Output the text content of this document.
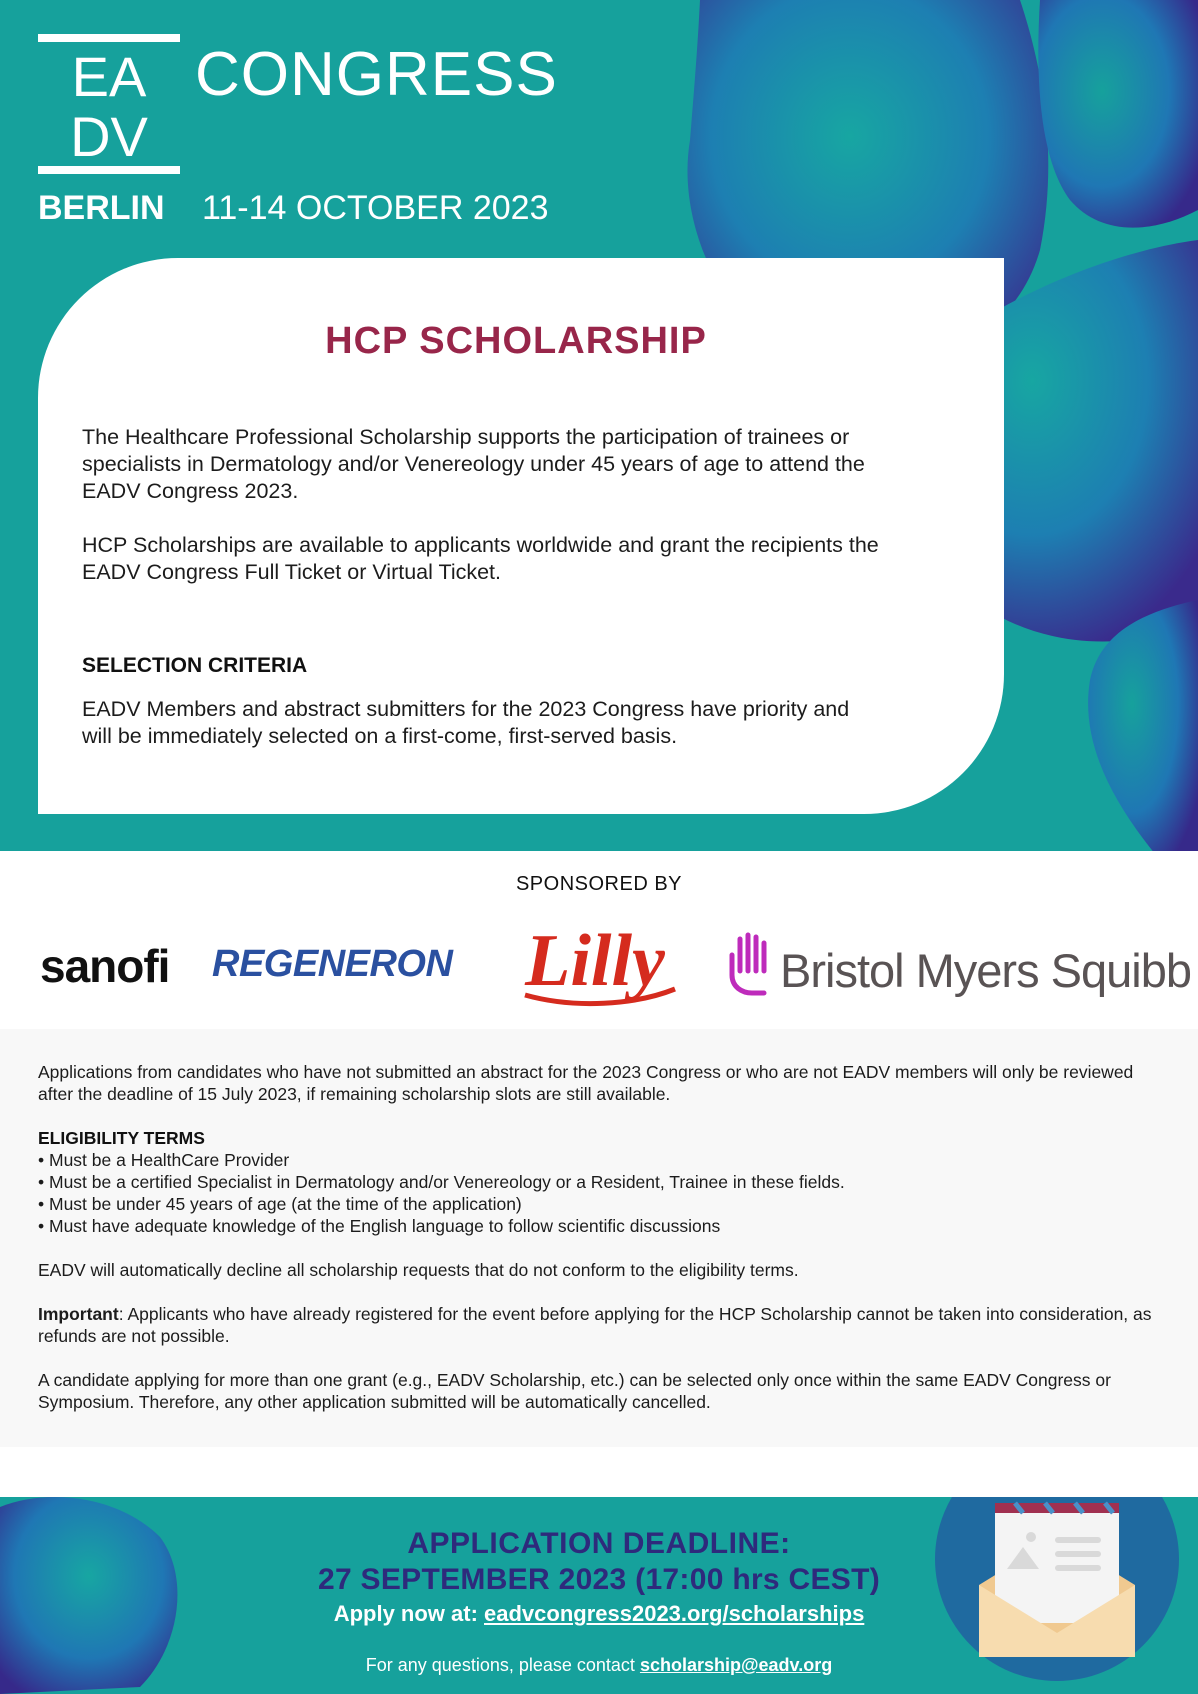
EA
DV
CONGRESS
BERLIN 11-14 OCTOBER 2023
HCP SCHOLARSHIP
The Healthcare Professional Scholarship supports the participation of trainees or specialists in Dermatology and/or Venereology under 45 years of age to attend the EADV Congress 2023.
HCP Scholarships are available to applicants worldwide and grant the recipients the EADV Congress Full Ticket or Virtual Ticket.
SELECTION CRITERIA
EADV Members and abstract submitters for the 2023 Congress have priority and will be immediately selected on a first-come, first-served basis.
SPONSORED BY
sanofi REGENERON Lilly Bristol Myers Squibb

Applications from candidates who have not submitted an abstract for the 2023 Congress or who are not EADV members will only be reviewed after the deadline of 15 July 2023, if remaining scholarship slots are still available.

ELIGIBILITY TERMS

• Must be a HealthCare Provider

• Must be a certified Specialist in Dermatology and/or Venereology or a Resident, Trainee in these fields.

• Must be under 45 years of age (at the time of the application)

• Must have adequate knowledge of the English language to follow scientific discussions

EADV will automatically decline all scholarship requests that do not conform to the eligibility terms.

Important: Applicants who have already registered for the event before applying for the HCP Scholarship cannot be taken into consideration, as refunds are not possible.

A candidate applying for more than one grant (e.g., EADV Scholarship, etc.) can be selected only once within the same EADV Congress or Symposium. Therefore, any other application submitted will be automatically cancelled.

APPLICATION DEADLINE:
27 SEPTEMBER 2023 (17:00 hrs CEST)
Apply now at: eadvcongress2023.org/scholarships
For any questions, please contact scholarship@eadv.org
